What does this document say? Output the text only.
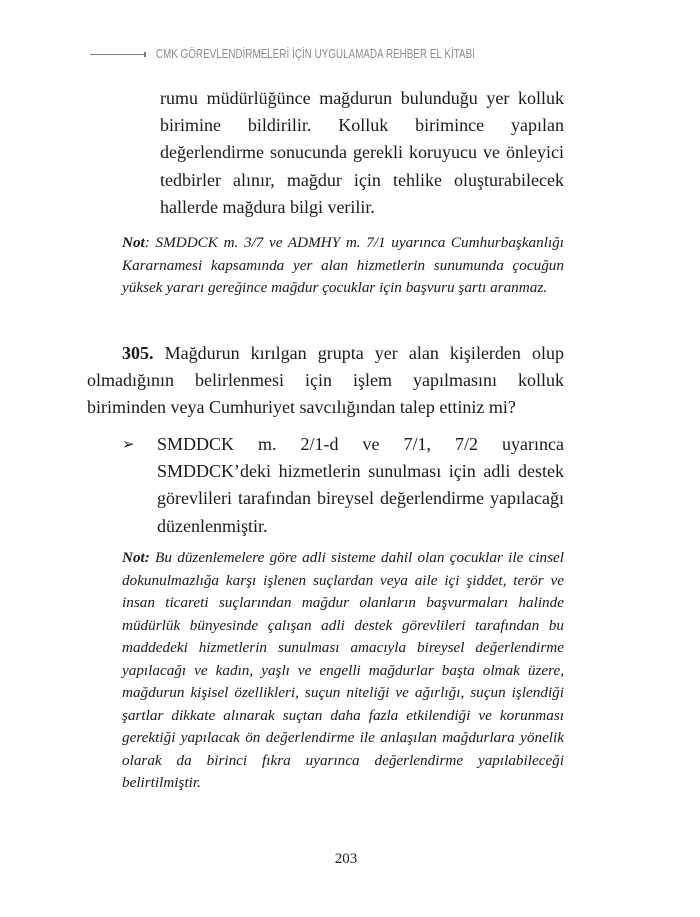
CMK GÖREVLENDİRMELERİ İÇİN UYGULAMADA REHBER EL KİTABI
rumu müdürlüğünce mağdurun bulunduğu yer kolluk birimine bildirilir. Kolluk birimince yapılan değerlendirme sonucunda gerekli koruyucu ve önleyici tedbirler alınır, mağdur için tehlike oluşturabilecek hallerde mağdura bilgi verilir.
Not: SMDDCK m. 3/7 ve ADMHY m. 7/1 uyarınca Cumhurbaşkanlığı Kararnamesi kapsamında yer alan hizmetlerin sunumunda çocuğun yüksek yararı gereğince mağdur çocuklar için başvuru şartı aranmaz.
305. Mağdurun kırılgan grupta yer alan kişilerden olup olmadığının belirlenmesi için işlem yapılmasını kolluk biriminden veya Cumhuriyet savcılığından talep ettiniz mi?
➢	SMDDCK m. 2/1-d ve 7/1, 7/2 uyarınca SMDDCK’deki hizmetlerin sunulması için adli destek görevlileri tarafından bireysel değerlendirme yapılacağı düzenlenmiştir.
Not: Bu düzenlemelere göre adli sisteme dahil olan çocuklar ile cinsel dokunulmazlığa karşı işlenen suçlardan veya aile içi şiddet, terör ve insan ticareti suçlarından mağdur olanların başvurmaları halinde müdürlük bünyesinde çalışan adli destek görevlileri tarafından bu maddedeki hizmetlerin sunulması amacıyla bireysel değerlendirme yapılacağı ve kadın, yaşlı ve engelli mağdurlar başta olmak üzere, mağdurun kişisel özellikleri, suçun niteliği ve ağırlığı, suçun işlendiği şartlar dikkate alınarak suçtan daha fazla etkilendiği ve korunması gerektiği yapılacak ön değerlendirme ile anlaşılan mağdurlara yönelik olarak da birinci fıkra uyarınca değerlendirme yapılabileceği belirtilmiştir.
203
